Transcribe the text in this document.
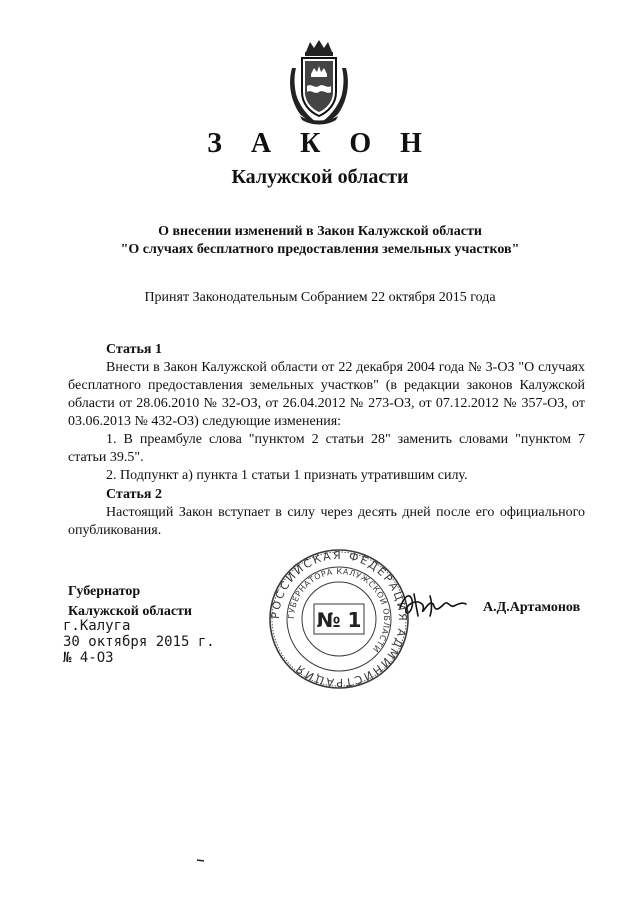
З А К О Н
Калужской области
О внесении изменений в Закон Калужской области
"О случаях бесплатного предоставления земельных участков"
Принят Законодательным Собранием 22 октября 2015 года

Статья 1

Внести в Закон Калужской области от 22 декабря 2004 года № 3-ОЗ "О случаях бесплатного предоставления земельных участков" (в редакции законов Калужской области от 28.06.2010 № 32-ОЗ, от 26.04.2012 № 273-ОЗ, от 07.12.2012 № 357-ОЗ, от 03.06.2013 № 432-ОЗ) следующие изменения:

1. В преамбуле слова "пунктом 2 статьи 28" заменить словами "пунктом 7 статьи 39.5".

2. Подпункт а) пункта 1 статьи 1 признать утратившим силу.

Статья 2

Настоящий Закон вступает в силу через десять дней после его официального опубликования.

Губернатор
Калужской области	РОССИЙСКАЯ ФЕДЕРАЦИЯ АДМИНИСТРАЦИЯ
ГУБЕРНАТОРА КАЛУЖСКОЙ ОБЛАСТИ
№ 1
А.Д.Артамонов
г.Калуга
30 октября 2015 г.
№ 4-ОЗ
